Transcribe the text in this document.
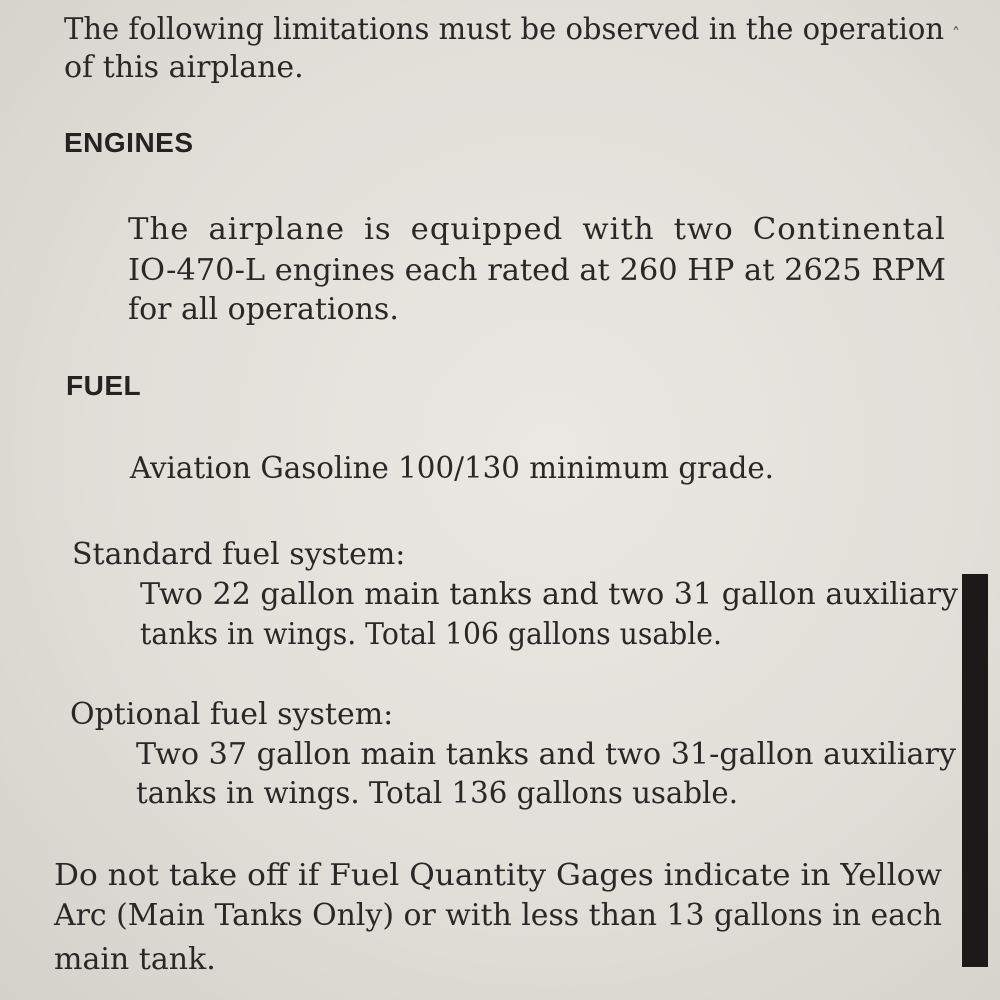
The following limitations must be observed in the operation
of this airplane.
ENGINES
The airplane is equipped with two Continental
IO-470-L engines each rated at 260 HP at 2625 RPM
for all operations.
FUEL
Aviation Gasoline 100/130 minimum grade.
Standard fuel system:
Two 22 gallon main tanks and two 31 gallon auxiliary
tanks in wings. Total 106 gallons usable.
Optional fuel system:
Two 37 gallon main tanks and two 31-gallon auxiliary
tanks in wings. Total 136 gallons usable.
Do not take off if Fuel Quantity Gages indicate in Yellow
Arc (Main Tanks Only) or with less than 13 gallons in each
main tank.
˄
